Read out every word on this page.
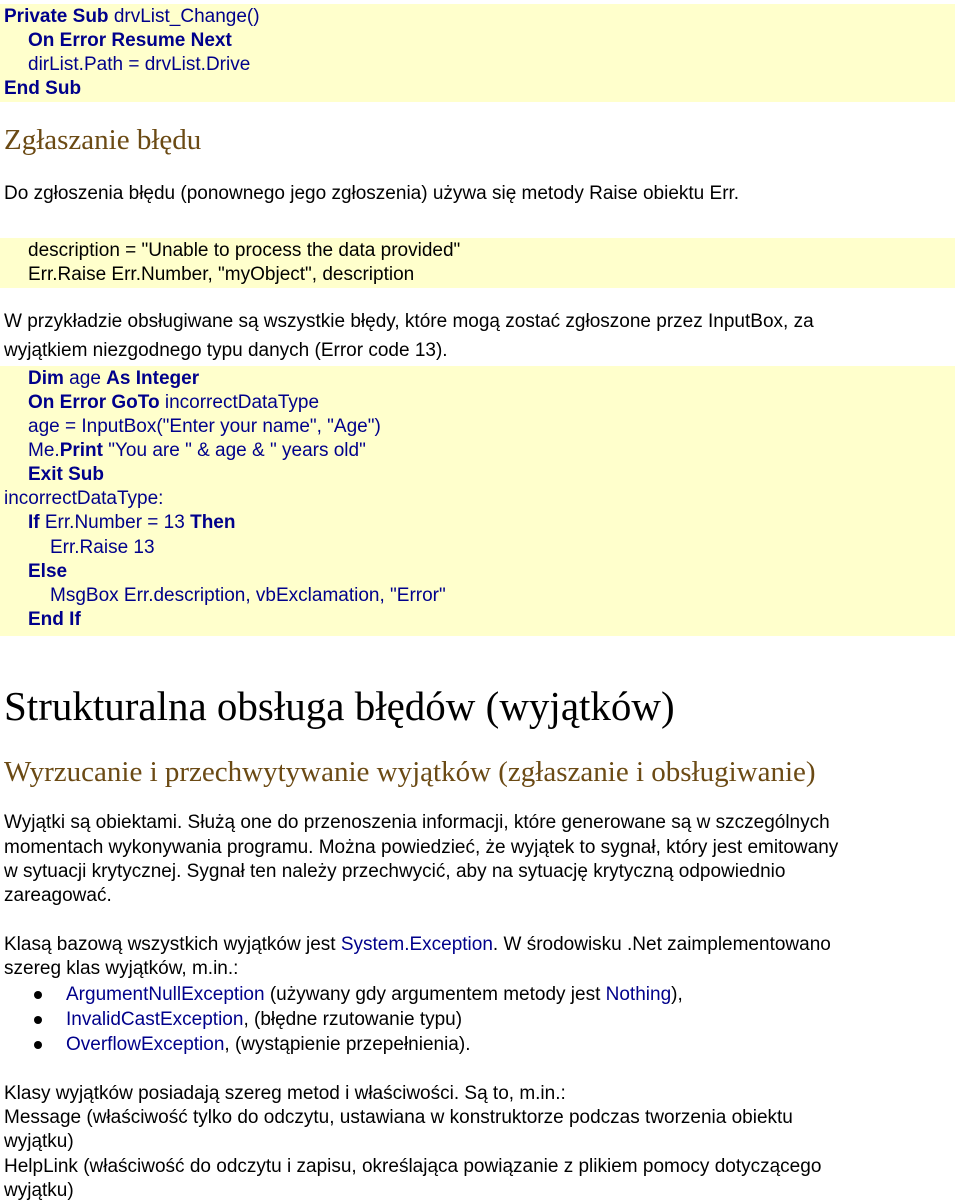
Private Sub drvList_Change()
On Error Resume Next
dirList.Path = drvList.Drive
End Sub
Zgłaszanie błędu
Do zgłoszenia błędu (ponownego jego zgłoszenia) używa się metody Raise obiektu Err.
description = "Unable to process the data provided"
Err.Raise Err.Number, "myObject", description
W przykładzie obsługiwane są wszystkie błędy, które mogą zostać zgłoszone przez InputBox, za
wyjątkiem niezgodnego typu danych (Error code 13).
Dim age As Integer
On Error GoTo incorrectDataType
age = InputBox("Enter your name", "Age")
Me.Print "You are " & age & " years old"
Exit Sub
incorrectDataType:
If Err.Number = 13 Then
Err.Raise 13
Else
MsgBox Err.description, vbExclamation, "Error"
End If
Strukturalna obsługa błędów (wyjątków)
Wyrzucanie i przechwytywanie wyjątków (zgłaszanie i obsługiwanie)
Wyjątki są obiektami. Służą one do przenoszenia informacji, które generowane są w szczególnych
momentach wykonywania programu. Można powiedzieć, że wyjątek to sygnał, który jest emitowany
w sytuacji krytycznej. Sygnał ten należy przechwycić, aby na sytuację krytyczną odpowiednio
zareagować.
Klasą bazową wszystkich wyjątków jest System.Exception. W środowisku .Net zaimplementowano
szereg klas wyjątków, m.in.:
ArgumentNullException (używany gdy argumentem metody jest Nothing),
InvalidCastException, (błędne rzutowanie typu)
OverflowException, (wystąpienie przepełnienia).
Klasy wyjątków posiadają szereg metod i właściwości. Są to, m.in.:
Message (właściwość tylko do odczytu, ustawiana w konstruktorze podczas tworzenia obiektu
wyjątku)
HelpLink (właściwość do odczytu i zapisu, określająca powiązanie z plikiem pomocy dotyczącego
wyjątku)
